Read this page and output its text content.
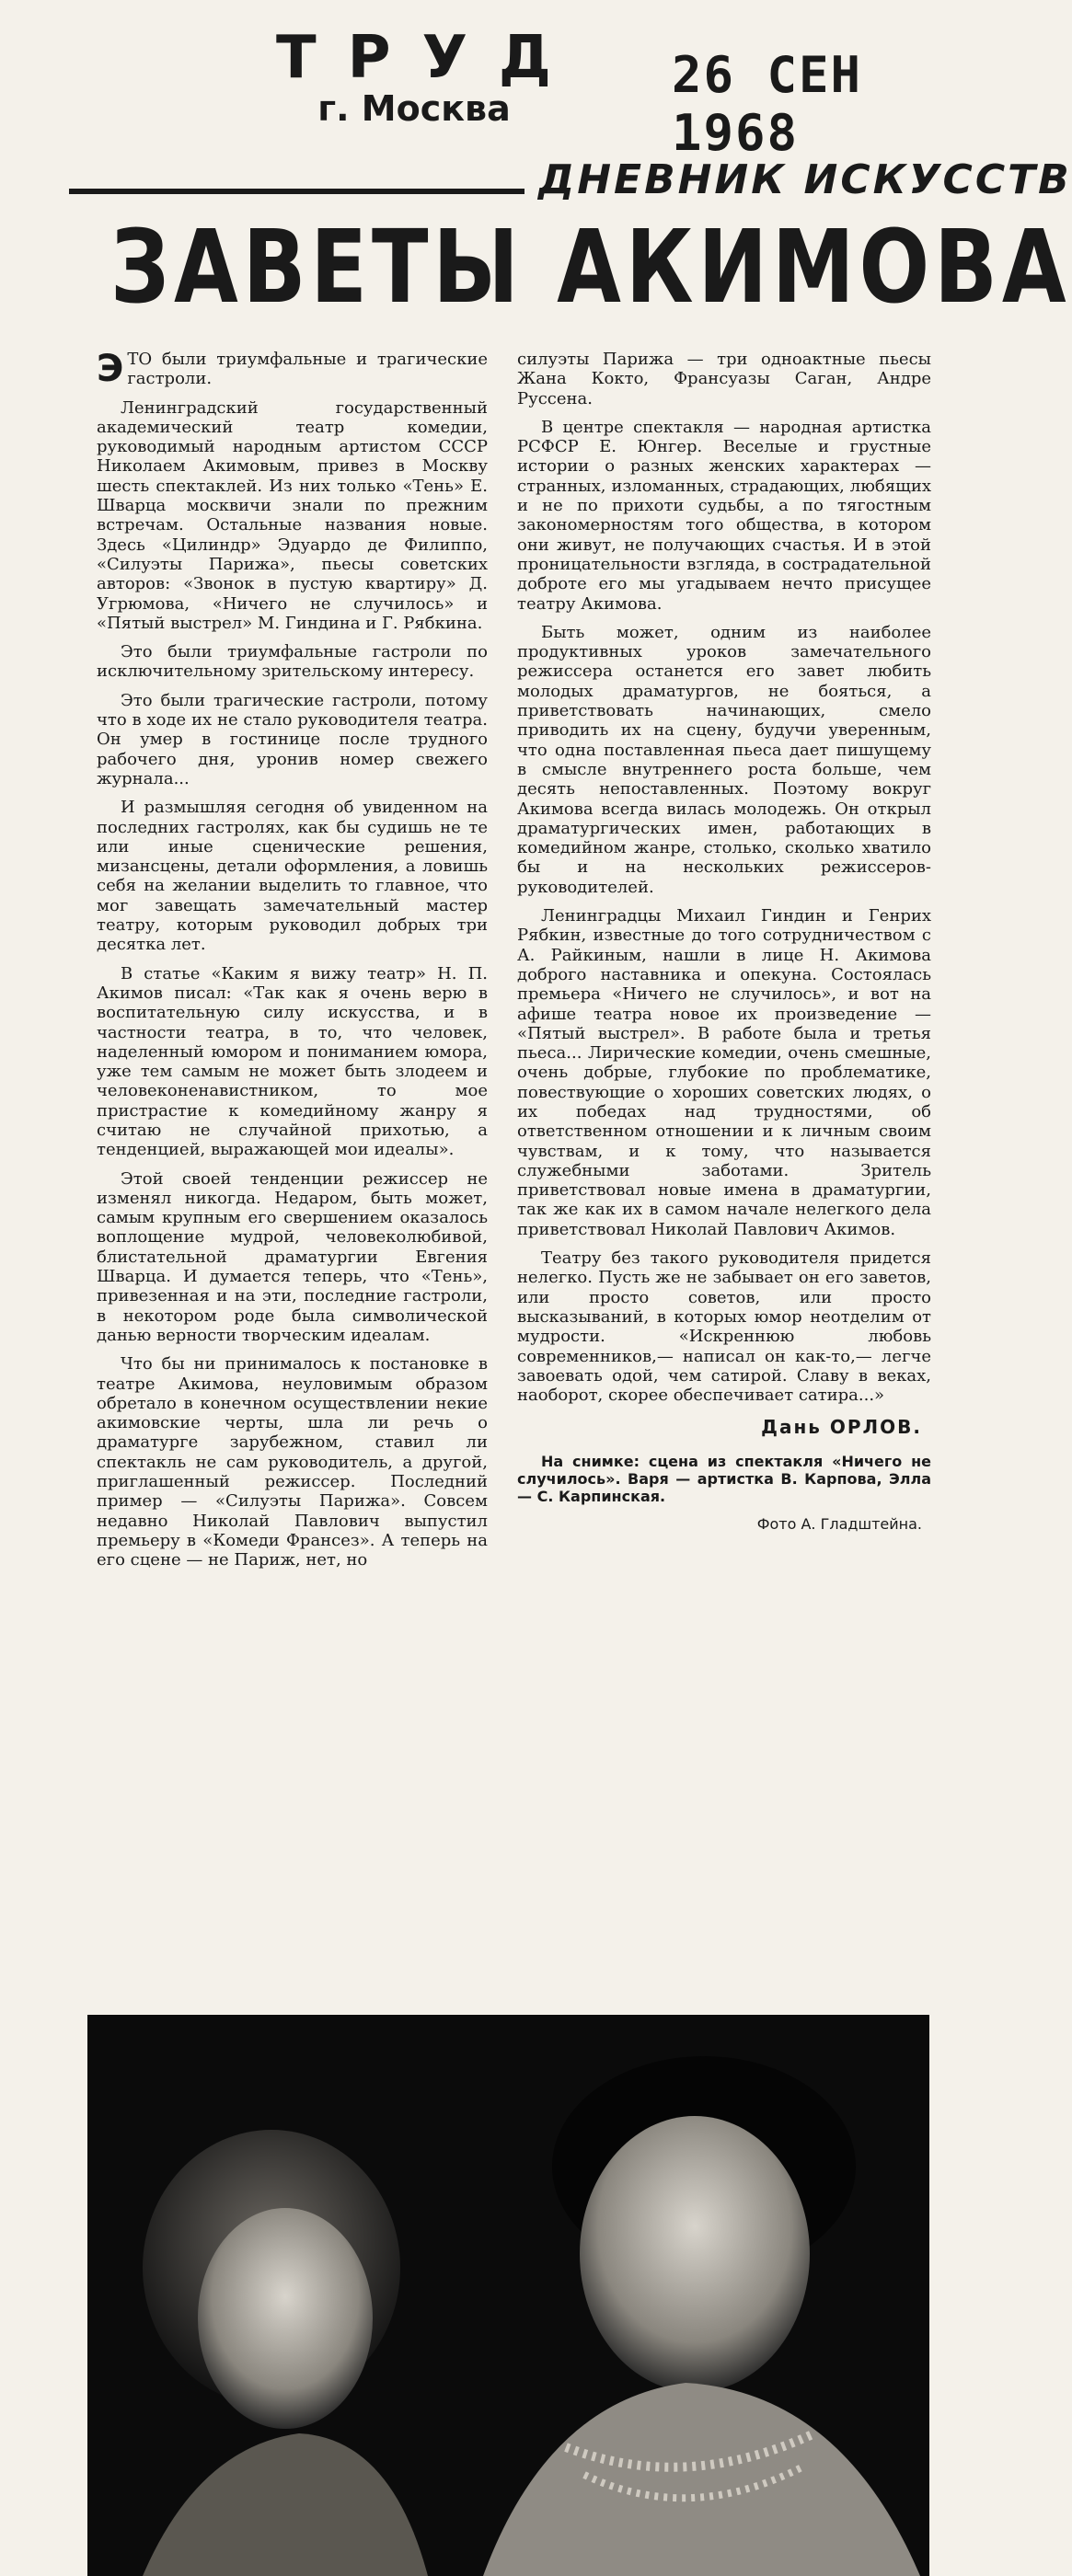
ТРУД
г. Москва
26 СЕН 1968
ДНЕВНИК ИСКУССТВ
ЗАВЕТЫ АКИМОВА

ЭТО были триумфальные и трагические гастроли.

Ленинградский государственный академический театр комедии, руководимый народным артистом СССР Николаем Акимовым, привез в Москву шесть спектаклей. Из них только «Тень» Е. Шварца москвичи знали по прежним встречам. Остальные названия новые. Здесь «Цилиндр» Эдуардо де Филиппо, «Силуэты Парижа», пьесы советских авторов: «Звонок в пустую квартиру» Д. Угрюмова, «Ничего не случилось» и «Пятый выстрел» М. Гиндина и Г. Рябкина.

Это были триумфальные гастроли по исключительному зрительскому интересу.

Это были трагические гастроли, потому что в ходе их не стало руководителя театра. Он умер в гостинице после трудного рабочего дня, уронив номер свежего журнала...

И размышляя сегодня об увиденном на последних гастролях, как бы судишь не те или иные сценические решения, мизансцены, детали оформления, а ловишь себя на желании выделить то главное, что мог завещать замечательный мастер театру, которым руководил добрых три десятка лет.

В статье «Каким я вижу театр» Н. П. Акимов писал: «Так как я очень верю в воспитательную силу искусства, и в частности театра, в то, что человек, наделенный юмором и пониманием юмора, уже тем самым не может быть злодеем и человеконенавистником, то мое пристрастие к комедийному жанру я считаю не случайной прихотью, а тенденцией, выражающей мои идеалы».

Этой своей тенденции режиссер не изменял никогда. Недаром, быть может, самым крупным его свершением оказалось воплощение мудрой, человеколюбивой, блистательной драматургии Евгения Шварца. И думается теперь, что «Тень», привезенная и на эти, последние гастроли, в некотором роде была символической данью верности творческим идеалам.

Что бы ни принималось к постановке в театре Акимова, неуловимым образом обретало в конечном осуществлении некие акимовские черты, шла ли речь о драматурге зарубежном, ставил ли спектакль не сам руководитель, а другой, приглашенный режиссер. Последний пример — «Силуэты Парижа». Совсем недавно Николай Павлович выпустил премьеру в «Комеди Франсез». А теперь на его сцене — не Париж, нет, но

силуэты Парижа — три одноактные пьесы Жана Кокто, Франсуазы Саган, Андре Руссена.

В центре спектакля — народная артистка РСФСР Е. Юнгер. Веселые и грустные истории о разных женских характерах — странных, изломанных, страдающих, любящих и не по прихоти судьбы, а по тягостным закономерностям того общества, в котором они живут, не получающих счастья. И в этой проницательности взгляда, в сострадательной доброте его мы угадываем нечто присущее театру Акимова.

Быть может, одним из наиболее продуктивных уроков замечательного режиссера останется его завет любить молодых драматургов, не бояться, а приветствовать начинающих, смело приводить их на сцену, будучи уверенным, что одна поставленная пьеса дает пишущему в смысле внутреннего роста больше, чем десять непоставленных. Поэтому вокруг Акимова всегда вилась молодежь. Он открыл драматургических имен, работающих в комедийном жанре, столько, сколько хватило бы и на нескольких режиссеров-руководителей.

Ленинградцы Михаил Гиндин и Генрих Рябкин, известные до того сотрудничеством с А. Райкиным, нашли в лице Н. Акимова доброго наставника и опекуна. Состоялась премьера «Ничего не случилось», и вот на афише театра новое их произведение — «Пятый выстрел». В работе была и третья пьеса... Лирические комедии, очень смешные, очень добрые, глубокие по проблематике, повествующие о хороших советских людях, о их победах над трудностями, об ответственном отношении и к личным своим чувствам, и к тому, что называется служебными заботами. Зритель приветствовал новые имена в драматургии, так же как их в самом начале нелегкого дела приветствовал Николай Павлович Акимов.

Театру без такого руководителя придется нелегко. Пусть же не забывает он его заветов, или просто советов, или просто высказываний, в которых юмор неотделим от мудрости. «Искреннюю любовь современников,— написал он как-то,— легче завоевать одой, чем сатирой. Славу в веках, наоборот, скорее обеспечивает сатира...»

Дань ОРЛОВ.

На снимке: сцена из спектакля «Ничего не случилось». Варя — артистка В. Карпова, Элла — С. Карпинская.

Фото А. Гладштейна.
